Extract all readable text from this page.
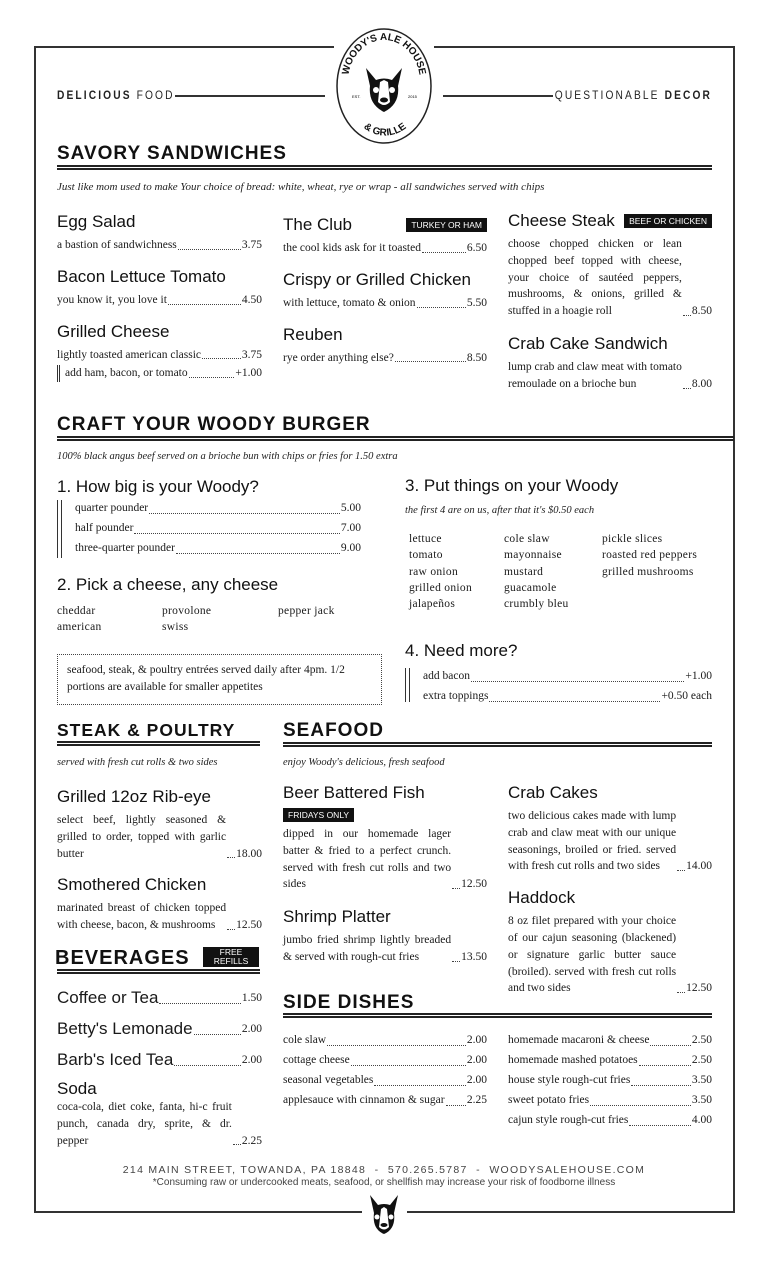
DELICIOUS FOOD	QUESTIONABLE DECOR
WOODY'S ALE HOUSE
& GRILLE
EST.	2015
SAVORY SANDWICHES
Just like mom used to make Your choice of bread: white, wheat, rye or wrap - all sandwiches served with chips
Egg Salad
a bastion of sandwichness	3.75
Bacon Lettuce Tomato
you know it, you love it	4.50
Grilled Cheese
lightly toasted american classic	3.75
add ham, bacon, or tomato	+1.00
The Club	TURKEY OR HAM
the cool kids ask for it toasted	6.50
Crispy or Grilled Chicken
with lettuce, tomato & onion	5.50
Reuben
rye order anything else?	8.50
Cheese Steak	BEEF OR CHICKEN
choose chopped chicken or lean chopped beef topped with cheese, your choice of sautéed peppers, mushrooms, & onions, grilled & stuffed in a hoagie roll	8.50
Crab Cake Sandwich
lump crab and claw meat with tomato remoulade on a brioche bun	8.00
CRAFT YOUR WOODY BURGER
100% black angus beef served on a brioche bun with chips or fries for 1.50 extra
1. How big is your Woody?
quarter pounder	5.00
half pounder	7.00
three-quarter pounder	9.00
2. Pick a cheese, any cheese
cheddar	provolone	pepper jack
american	swiss
seafood, steak, & poultry entrées served daily after 4pm. 1/2 portions are available for smaller appetites
3. Put things on your Woody
the first 4 are on us, after that it's $0.50 each
lettuce	cole slaw	pickle slices
tomato	mayonnaise	roasted red peppers
raw onion	mustard	grilled mushrooms
grilled onion	guacamole
jalapeños	crumbly bleu
4. Need more?
add bacon	+1.00
extra toppings	+0.50 each
STEAK & POULTRY
served with fresh cut rolls & two sides
Grilled 12oz Rib-eye
select beef, lightly seasoned & grilled to order, topped with garlic butter	18.00
Smothered Chicken
marinated breast of chicken topped with cheese, bacon, & mushrooms	12.50
SEAFOOD
enjoy Woody's delicious, fresh seafood
Beer Battered Fish
FRIDAYS ONLY
dipped in our homemade lager batter & fried to a perfect crunch. served with fresh cut rolls and two sides	12.50
Shrimp Platter
jumbo fried shrimp lightly breaded & served with rough-cut fries	13.50
Crab Cakes
two delicious cakes made with lump crab and claw meat with our unique seasonings, broiled or fried. served with fresh cut rolls and two sides	14.00
Haddock
8 oz filet prepared with your choice of our cajun seasoning (blackened) or signature garlic butter sauce (broiled). served with fresh cut rolls and two sides	12.50
BEVERAGES	FREE
REFILLS
Coffee or Tea	1.50
Betty's Lemonade	2.00
Barb's Iced Tea	2.00
Soda
coca-cola, diet coke, fanta, hi-c fruit punch, canada dry, sprite, & dr. pepper	2.25
SIDE DISHES
cole slaw	2.00
cottage cheese	2.00
seasonal vegetables	2.00
applesauce with cinnamon & sugar 2.25
homemade macaroni & cheese	2.50
homemade mashed potatoes	2.50
house style rough-cut fries	3.50
sweet potato fries	3.50
cajun style rough-cut fries	4.00
214 MAIN STREET, TOWANDA, PA 18848  -  570.265.5787  -  WOODYSALEHOUSE.COM
*Consuming raw or undercooked meats, seafood, or shellfish may increase your risk of foodborne illness
